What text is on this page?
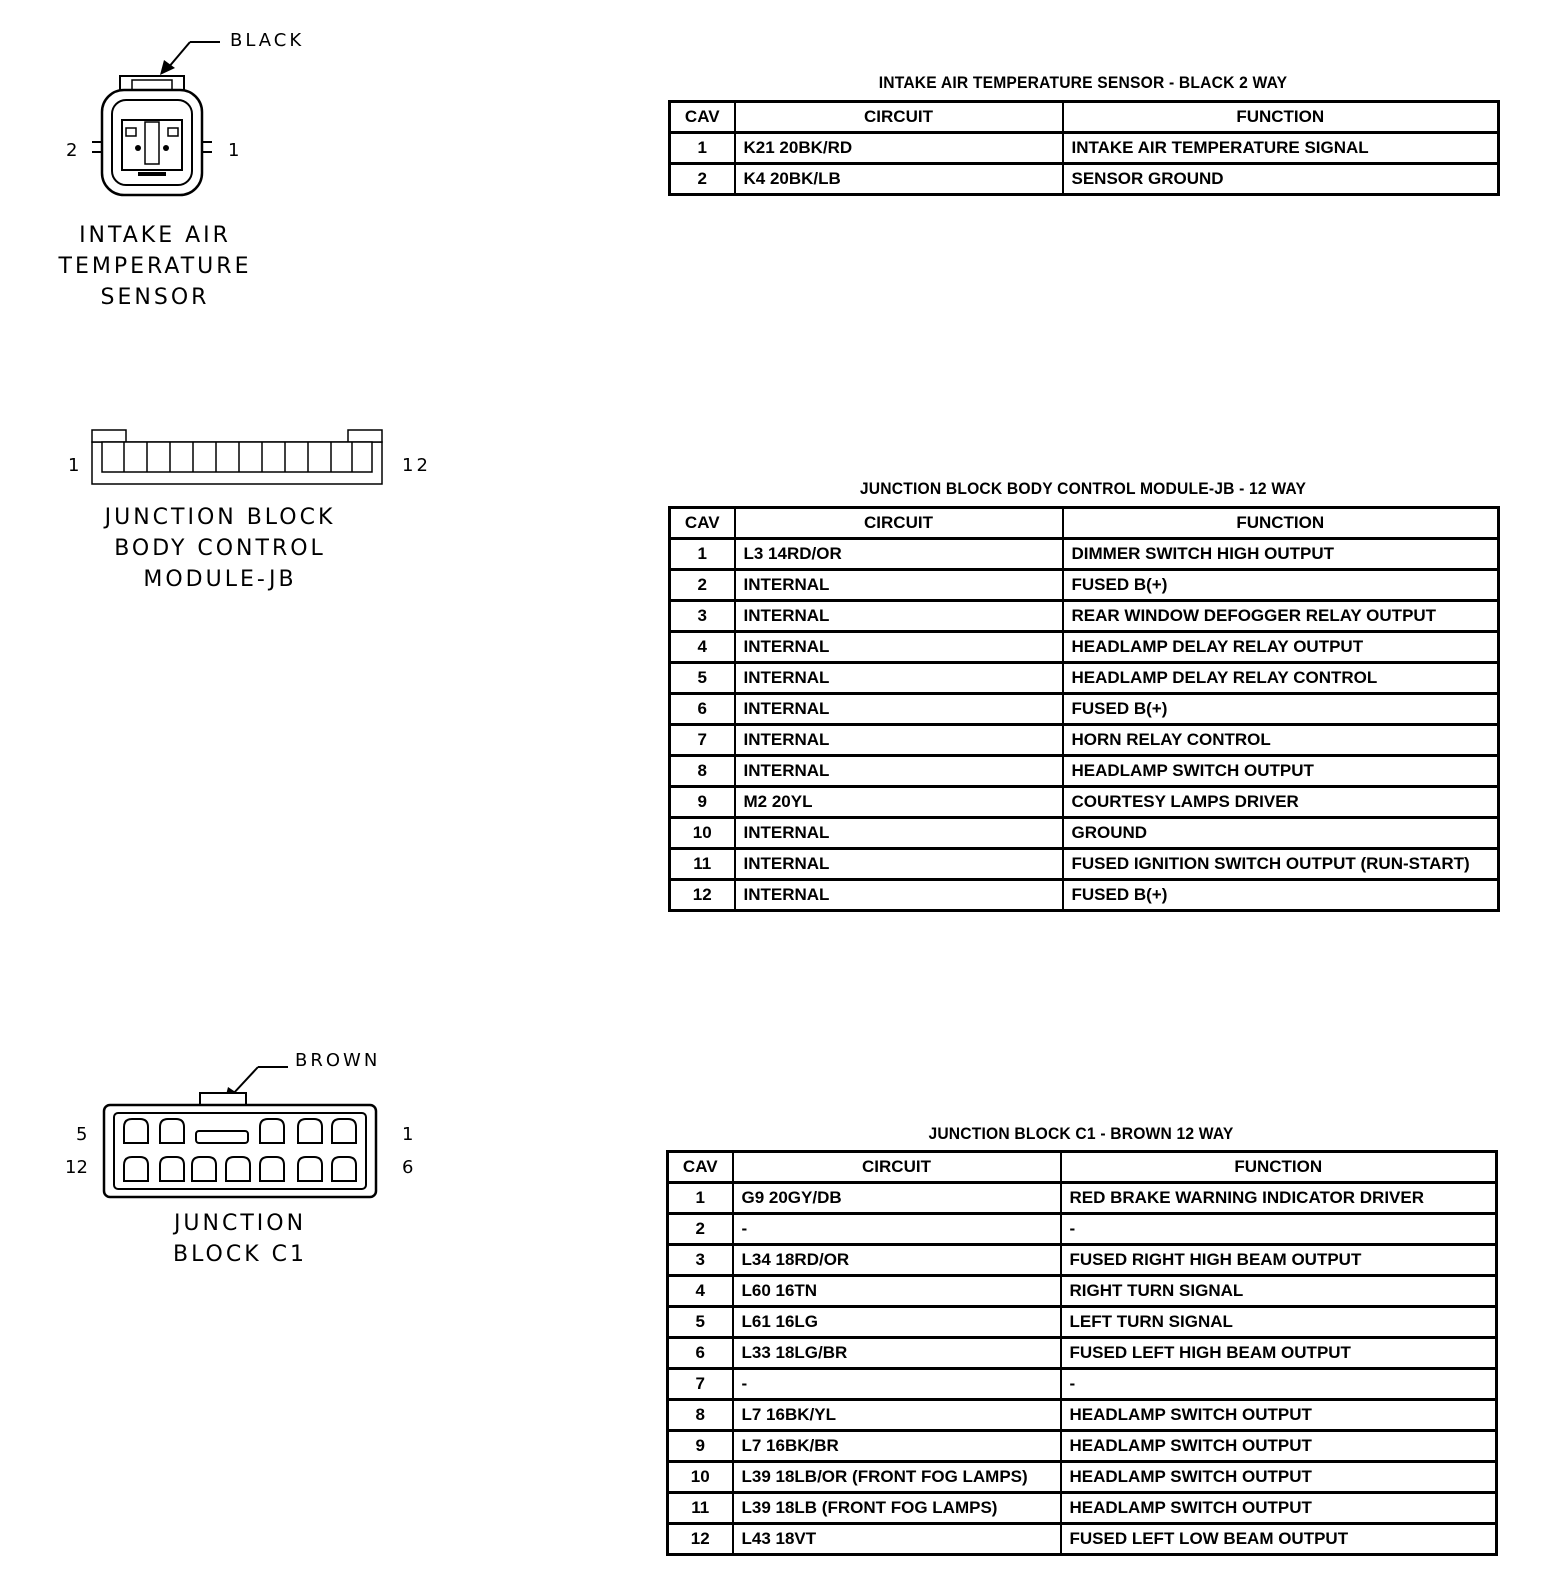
BLACK
2	1
INTAKE AIR
TEMPERATURE
SENSOR
1	12
JUNCTION BLOCK
BODY CONTROL
MODULE-JB
BROWN
5
12
1
6
JUNCTION
BLOCK C1
INTAKE AIR TEMPERATURE SENSOR - BLACK 2 WAY
CAV	CIRCUIT	FUNCTION
1	K21 20BK/RD	INTAKE AIR TEMPERATURE SIGNAL
2	K4 20BK/LB	SENSOR GROUND
JUNCTION BLOCK BODY CONTROL MODULE-JB - 12 WAY
CAV	CIRCUIT	FUNCTION
1	L3 14RD/OR	DIMMER SWITCH HIGH OUTPUT
2	INTERNAL	FUSED B(+)
3	INTERNAL	REAR WINDOW DEFOGGER RELAY OUTPUT
4	INTERNAL	HEADLAMP DELAY RELAY OUTPUT
5	INTERNAL	HEADLAMP DELAY RELAY CONTROL
6	INTERNAL	FUSED B(+)
7	INTERNAL	HORN RELAY CONTROL
8	INTERNAL	HEADLAMP SWITCH OUTPUT
9	M2 20YL	COURTESY LAMPS DRIVER
10	INTERNAL	GROUND
11	INTERNAL	FUSED IGNITION SWITCH OUTPUT (RUN-START)
12	INTERNAL	FUSED B(+)
JUNCTION BLOCK C1 - BROWN 12 WAY
CAV	CIRCUIT	FUNCTION
1	G9 20GY/DB	RED BRAKE WARNING INDICATOR DRIVER
2	-	-
3	L34 18RD/OR	FUSED RIGHT HIGH BEAM OUTPUT
4	L60 16TN	RIGHT TURN SIGNAL
5	L61 16LG	LEFT TURN SIGNAL
6	L33 18LG/BR	FUSED LEFT HIGH BEAM OUTPUT
7	-	-
8	L7 16BK/YL	HEADLAMP SWITCH OUTPUT
9	L7 16BK/BR	HEADLAMP SWITCH OUTPUT
10	L39 18LB/OR (FRONT FOG LAMPS)	HEADLAMP SWITCH OUTPUT
11	L39 18LB (FRONT FOG LAMPS)	HEADLAMP SWITCH OUTPUT
12	L43 18VT	FUSED LEFT LOW BEAM OUTPUT
